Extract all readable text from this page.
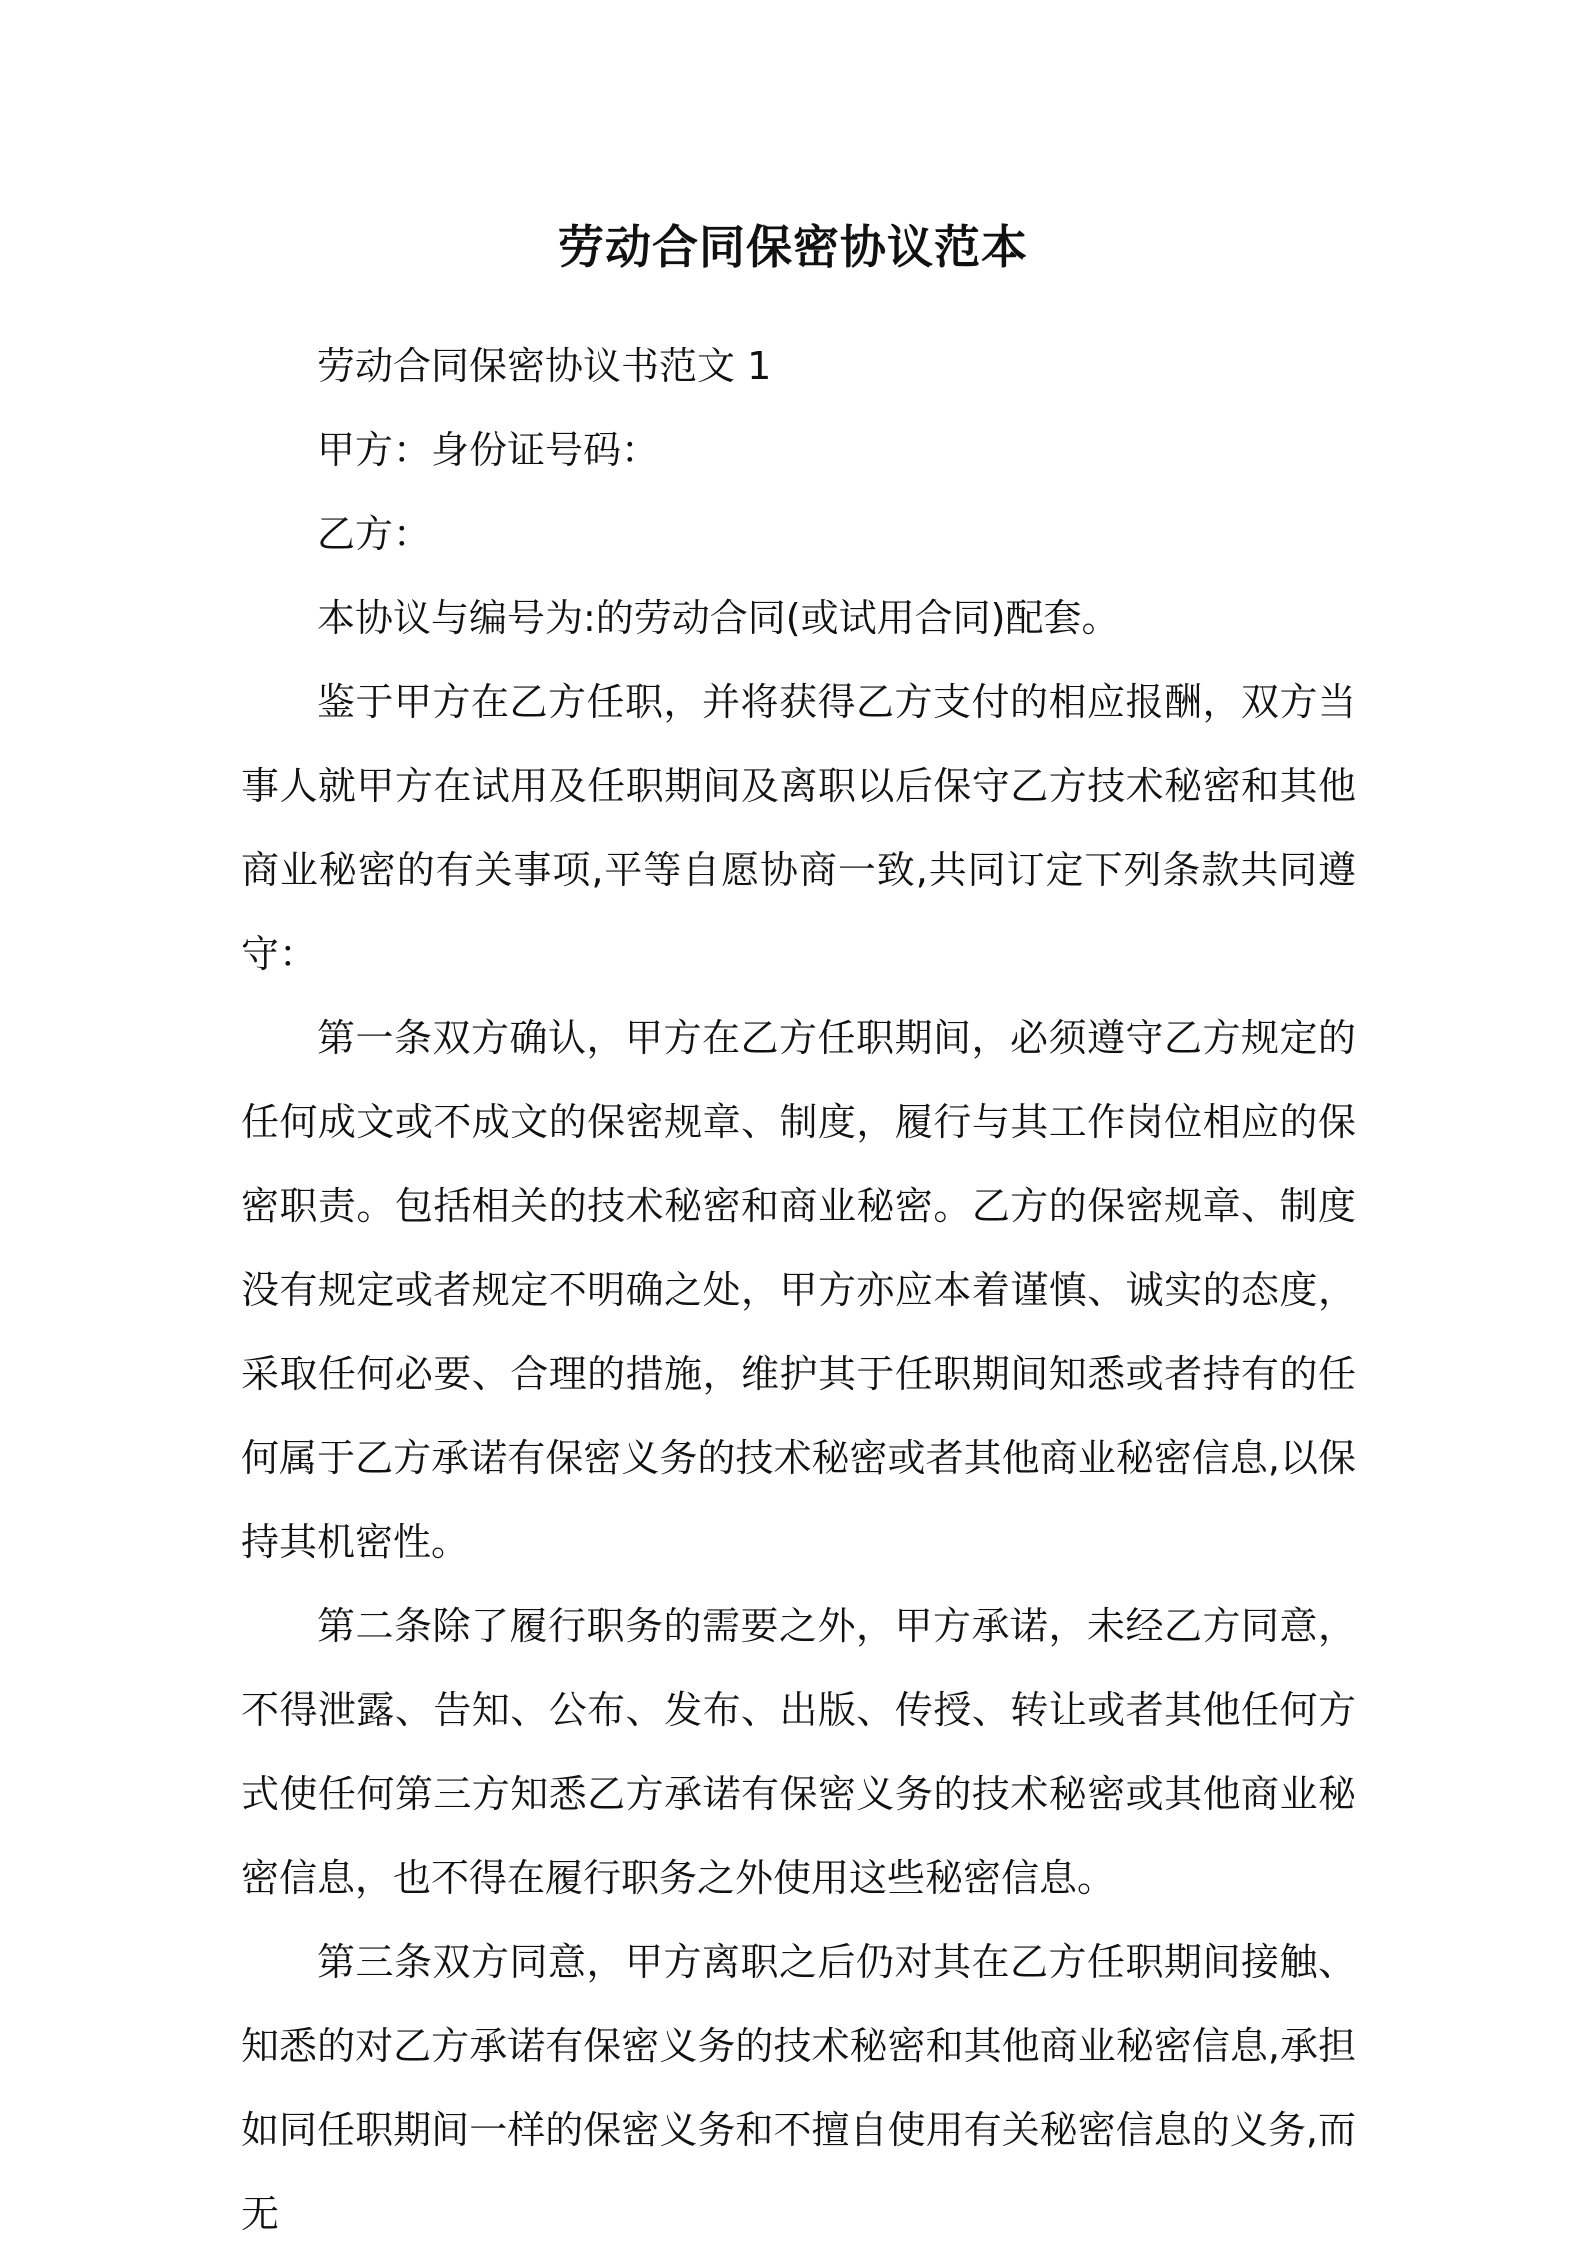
劳动合同保密协议范本

劳动合同保密协议书范文 1

甲方：身份证号码：

乙方：

本协议与编号为:的劳动合同(或试用合同)配套。

鉴于甲方在乙方任职，并将获得乙方支付的相应报酬，双方当事人就甲方在试用及任职期间及离职以后保守乙方技术秘密和其他商业秘密的有关事项,平等自愿协商一致,共同订定下列条款共同遵守：

第一条双方确认，甲方在乙方任职期间，必须遵守乙方规定的任何成文或不成文的保密规章、制度，履行与其工作岗位相应的保密职责。包括相关的技术秘密和商业秘密。乙方的保密规章、制度没有规定或者规定不明确之处，甲方亦应本着谨慎、诚实的态度，采取任何必要、合理的措施，维护其于任职期间知悉或者持有的任何属于乙方承诺有保密义务的技术秘密或者其他商业秘密信息,以保持其机密性。

第二条除了履行职务的需要之外，甲方承诺，未经乙方同意，不得泄露、告知、公布、发布、出版、传授、转让或者其他任何方式使任何第三方知悉乙方承诺有保密义务的技术秘密或其他商业秘密信息，也不得在履行职务之外使用这些秘密信息。

第三条双方同意，甲方离职之后仍对其在乙方任职期间接触、知悉的对乙方承诺有保密义务的技术秘密和其他商业秘密信息,承担如同任职期间一样的保密义务和不擅自使用有关秘密信息的义务,而无
